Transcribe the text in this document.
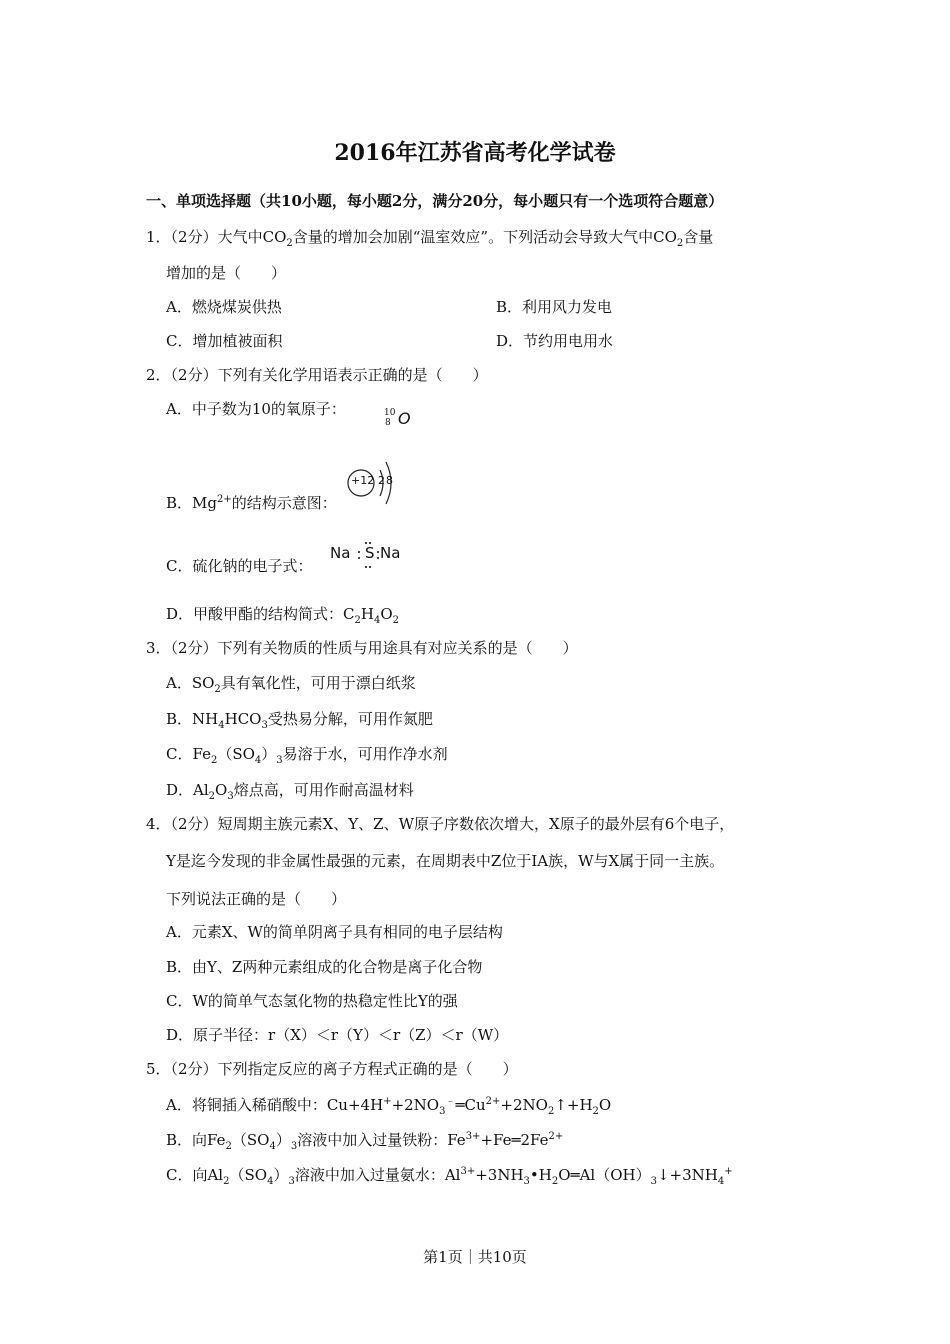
2016年江苏省高考化学试卷
一、单项选择题（共10小题，每小题2分，满分20分，每小题只有一个选项符合题意）
1．（2分）大气中$CO_2$含量的增加会加剧“温室效应”。下列活动会导致大气中$CO_2$含量
增加的是（　　）
A．燃烧煤炭供热	B．利用风力发电
C．增加植被面积	D．节约用电用水
2．（2分）下列有关化学用语表示正确的是（　　）
A．中子数为10的氧原子：	10
8 O
B．$Mg^{2+}$的结构示意图：
+12 2 8
C．硫化钠的电子式：
Na S Na
D．甲酸甲酯的结构简式：$C_2H_4O_2$
3．（2分）下列有关物质的性质与用途具有对应关系的是（　　）
A．$SO_2$具有氧化性，可用于漂白纸浆
B．$NH_4HCO_3$受热易分解，可用作氮肥
C．$Fe_2(SO_4)_3$易溶于水，可用作净水剂
D．$Al_2O_3$熔点高，可用作耐高温材料
4．（2分）短周期主族元素X、Y、Z、W原子序数依次增大，X原子的最外层有6个电子，
Y是迄今发现的非金属性最强的元素，在周期表中Z位于IA族，W与X属于同一主族。
下列说法正确的是（　　）
A．元素X、W的简单阴离子具有相同的电子层结构
B．由Y、Z两种元素组成的化合物是离子化合物
C．W的简单气态氢化物的热稳定性比Y的强
D．原子半径：r（X）＜r（Y）＜r（Z）＜r（W）
5．（2分）下列指定反应的离子方程式正确的是（　　）
A．将铜插入稀硝酸中：$Cu+4H^++2NO_3^﹣═Cu^{2+}+2NO_2↑+H_2O$
B．向$Fe_2(SO_4)_3$溶液中加入过量铁粉：$Fe^{3+}+Fe═2Fe^{2+}$
C．向$Al_2(SO_4)_3$溶液中加入过量氨水：$Al^{3+}+3NH_3•H_2O═Al(OH)_3↓+3NH_4^+$
第1页｜共10页
